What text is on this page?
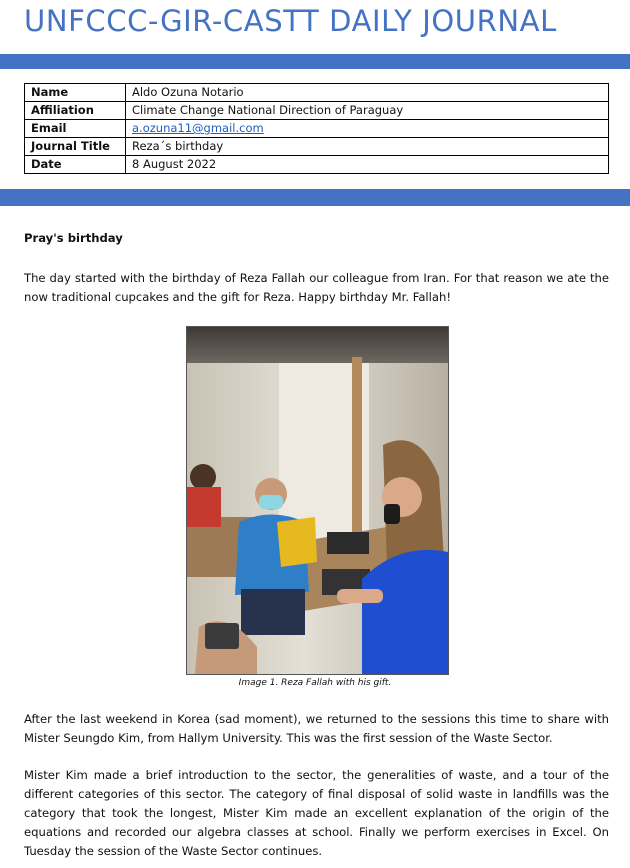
UNFCCC-GIR-CASTT DAILY JOURNAL
Name	Aldo Ozuna Notario
Affiliation	Climate Change National Direction of Paraguay
Email	a.ozuna11@gmail.com
Journal Title	Reza´s birthday
Date	8 August 2022

Pray's birthday

The day started with the birthday of Reza Fallah our colleague from Iran. For that reason we ate the now traditional cupcakes and the gift for Reza. Happy birthday Mr. Fallah!

Image 1. Reza Fallah with his gift.

After the last weekend in Korea (sad moment), we returned to the sessions this time to share with Mister Seungdo Kim, from Hallym University. This was the first session of the Waste Sector.

Mister Kim made a brief introduction to the sector, the generalities of waste, and a tour of the different categories of this sector. The category of final disposal of solid waste in landfills was the category that took the longest, Mister Kim made an excellent explanation of the origin of the equations and recorded our algebra classes at school. Finally we perform exercises in Excel. On Tuesday the session of the Waste Sector continues.
